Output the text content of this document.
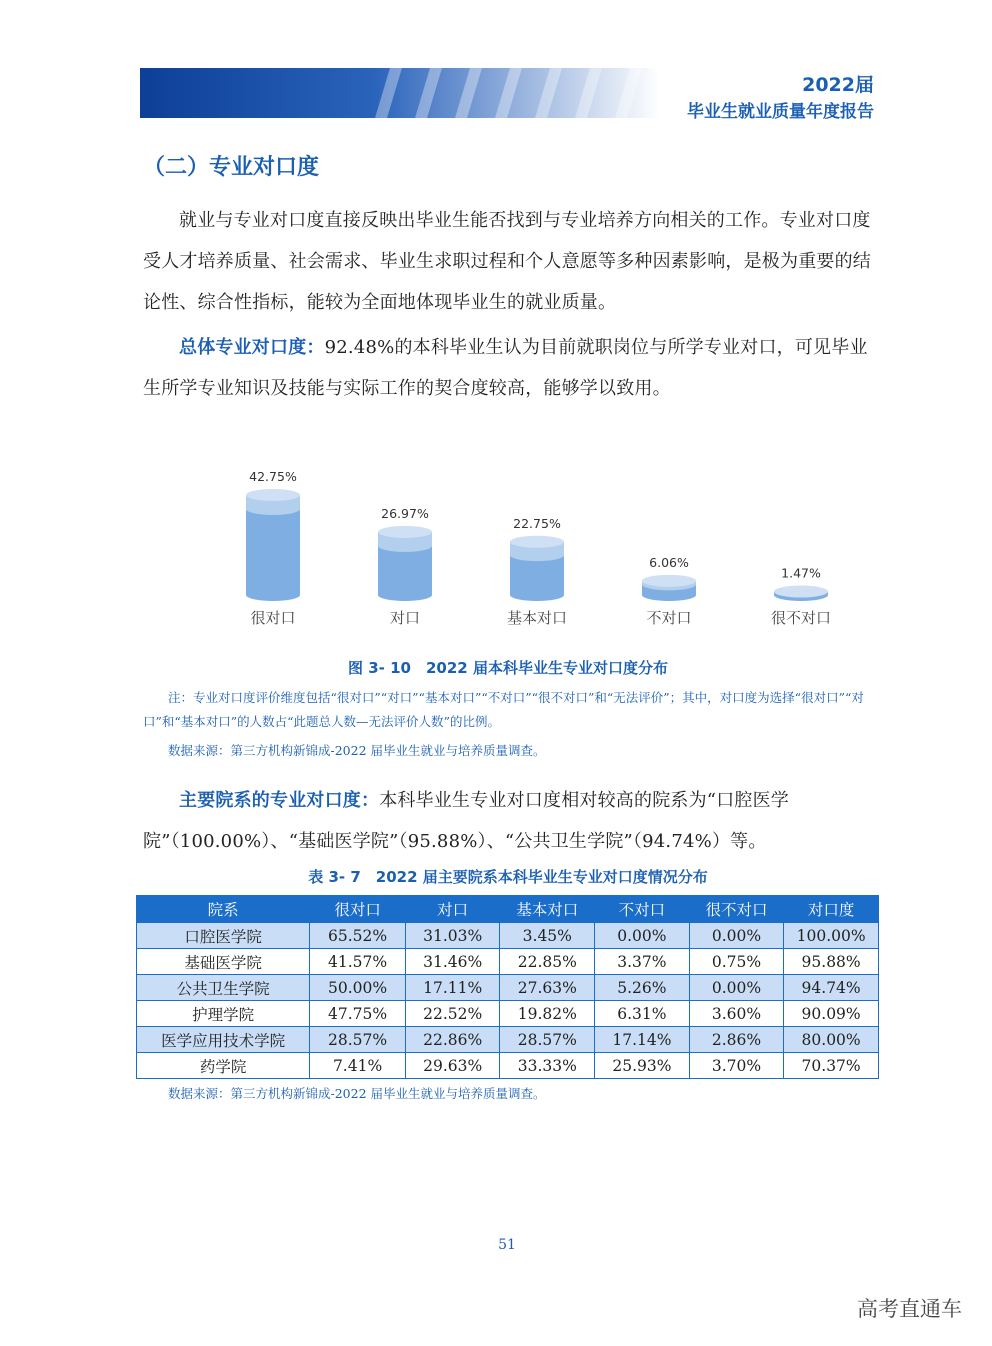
2022届
毕业生就业质量年度报告
（二）专业对口度

就业与专业对口度直接反映出毕业生能否找到与专业培养方向相关的工作。专业对口度受人才培养质量、社会需求、毕业生求职过程和个人意愿等多种因素影响，是极为重要的结论性、综合性指标，能较为全面地体现毕业生的就业质量。

总体专业对口度：92.48%的本科毕业生认为目前就职岗位与所学专业对口，可见毕业生所学专业知识及技能与实际工作的契合度较高，能够学以致用。

42.75%
很对口
26.97%
对口
22.75%
基本对口
6.06%
不对口
1.47%
很不对口
图 3- 10　2022 届本科毕业生专业对口度分布

注：专业对口度评价维度包括“很对口”“对口”“基本对口”“不对口”“很不对口”和“无法评价”；其中，对口度为选择“很对口”“对口”和“基本对口”的人数占“此题总人数—无法评价人数”的比例。

数据来源：第三方机构新锦成-2022 届毕业生就业与培养质量调查。

主要院系的专业对口度：本科毕业生专业对口度相对较高的院系为“口腔医学院”（100.00%）、“基础医学院”（95.88%）、“公共卫生学院”（94.74%）等。

表 3- 7　2022 届主要院系本科毕业生专业对口度情况分布
院系	很对口	对口	基本对口	不对口	很不对口	对口度
口腔医学院	65.52%	31.03%	3.45%	0.00%	0.00%	100.00%
基础医学院	41.57%	31.46%	22.85%	3.37%	0.75%	95.88%
公共卫生学院	50.00%	17.11%	27.63%	5.26%	0.00%	94.74%
护理学院	47.75%	22.52%	19.82%	6.31%	3.60%	90.09%
医学应用技术学院	28.57%	22.86%	28.57%	17.14%	2.86%	80.00%
药学院	7.41%	29.63%	33.33%	25.93%	3.70%	70.37%

数据来源：第三方机构新锦成-2022 届毕业生就业与培养质量调查。

51
高考直通车
